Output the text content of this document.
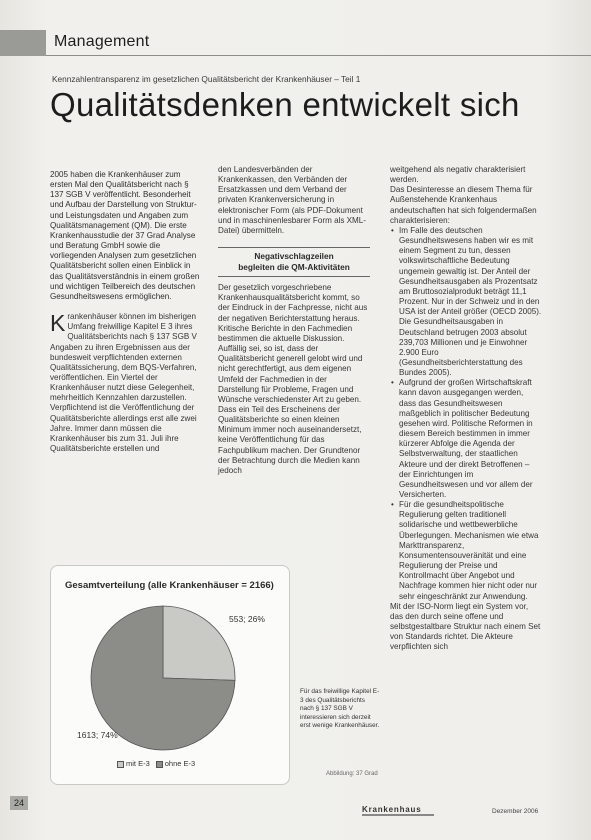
Management
Kennzahlentransparenz im gesetzlichen Qualitätsbericht der Krankenhäuser – Teil 1
Qualitätsdenken entwickelt sich

2005 haben die Krankenhäuser zum ersten Mal den Qualitätsbericht nach § 137 SGB V veröffentlicht. Besonderheit und Aufbau der Darstellung von Struktur- und Leistungsdaten und Angaben zum Qualitätsmanagement (QM). Die erste Krankenhausstudie der 37 Grad Analyse und Beratung GmbH sowie die vorliegenden Analysen zum gesetzlichen Qualitätsbericht sollen einen Einblick in das Qualitätsverständnis in einem großen und wichtigen Teilbereich des deutschen Gesundheitswesens ermöglichen.

Krankenhäuser können im bisherigen Umfang freiwillige Kapitel E 3 ihres Qualitätsberichts nach § 137 SGB V Angaben zu ihren Ergebnissen aus der bundesweit verpflichtenden externen Qualitätssicherung, dem BQS-Verfahren, veröffentlichen. Ein Viertel der Krankenhäuser nutzt diese Gelegenheit, mehrheitlich Kennzahlen darzustellen. Verpflichtend ist die Veröffentlichung der Qualitätsberichte allerdings erst alle zwei Jahre. Immer dann müssen die Krankenhäuser bis zum 31. Juli ihre Qualitätsberichte erstellen und

den Landesverbänden der Krankenkassen, den Verbänden der Ersatzkassen und dem Verband der privaten Krankenversicherung in elektronischer Form (als PDF-Dokument und in maschinenlesbarer Form als XML-Datei) übermitteln.

Negativschlagzeilen
begleiten die QM-Aktivitäten

Der gesetzlich vorgeschriebene Krankenhausqualitätsbericht kommt, so der Eindruck in der Fachpresse, nicht aus der negativen Berichterstattung heraus. Kritische Berichte in den Fachmedien bestimmen die aktuelle Diskussion. Auffällig sei, so ist, dass der Qualitätsbericht generell gelobt wird und nicht gerechtfertigt, aus dem eigenen Umfeld der Fachmedien in der Darstellung für Probleme, Fragen und Wünsche verschiedenster Art zu geben. Dass ein Teil des Erscheinens der Qualitätsberichte so einen kleinen Minimum immer noch auseinandersetzt, keine Veröffentlichung für das Fachpublikum machen. Der Grundtenor der Betrachtung durch die Medien kann jedoch

weitgehend als negativ charakterisiert werden.

Das Desinteresse an diesem Thema für Außenstehende Krankenhaus andeutschaften hat sich folgendermaßen charakterisieren:

• Im Falle des deutschen Gesundheitswesens haben wir es mit einem Segment zu tun, dessen volkswirtschaftliche Bedeutung ungemein gewaltig ist. Der Anteil der Gesundheitsausgaben als Prozentsatz am Bruttosozialprodukt beträgt 11,1 Prozent. Nur in der Schweiz und in den USA ist der Anteil größer (OECD 2005). Die Gesundheitsausgaben in Deutschland betrugen 2003 absolut 239,703 Millionen und je Einwohner 2.900 Euro (Gesundheitsberichterstattung des Bundes 2005).
• Aufgrund der großen Wirtschaftskraft kann davon ausgegangen werden, dass das Gesundheitswesen maßgeblich in politischer Bedeutung gesehen wird. Politische Reformen in diesem Bereich bestimmen in immer kürzerer Abfolge die Agenda der Selbstverwaltung, der staatlichen Akteure und der direkt Betroffenen – der Einrichtungen im Gesundheitswesen und vor allem der Versicherten.
• Für die gesundheitspolitische Regulierung gelten traditionell solidarische und wettbewerbliche Überlegungen. Mechanismen wie etwa Markttransparenz, Konsumentensouveränität und eine Regulierung der Preise und Kontrollmacht über Angebot und Nachfrage kommen hier nicht oder nur sehr eingeschränkt zur Anwendung.

Mit der ISO-Norm liegt ein System vor, das den durch seine offene und selbstgestaltbare Struktur nach einem Set von Standards richtet. Die Akteure verpflichten sich

Gesamtverteilung (alle Krankenhäuser = 2166)
553; 26%
1613; 74%
mit E-3	ohne E-3
Für das freiwillige Kapitel E-3 des Qualitätsberichts nach § 137 SGB V interessieren sich derzeit erst wenige Krankenhäuser.
Abbildung: 37 Grad
24
Krankenhaus	Dezember 2006
